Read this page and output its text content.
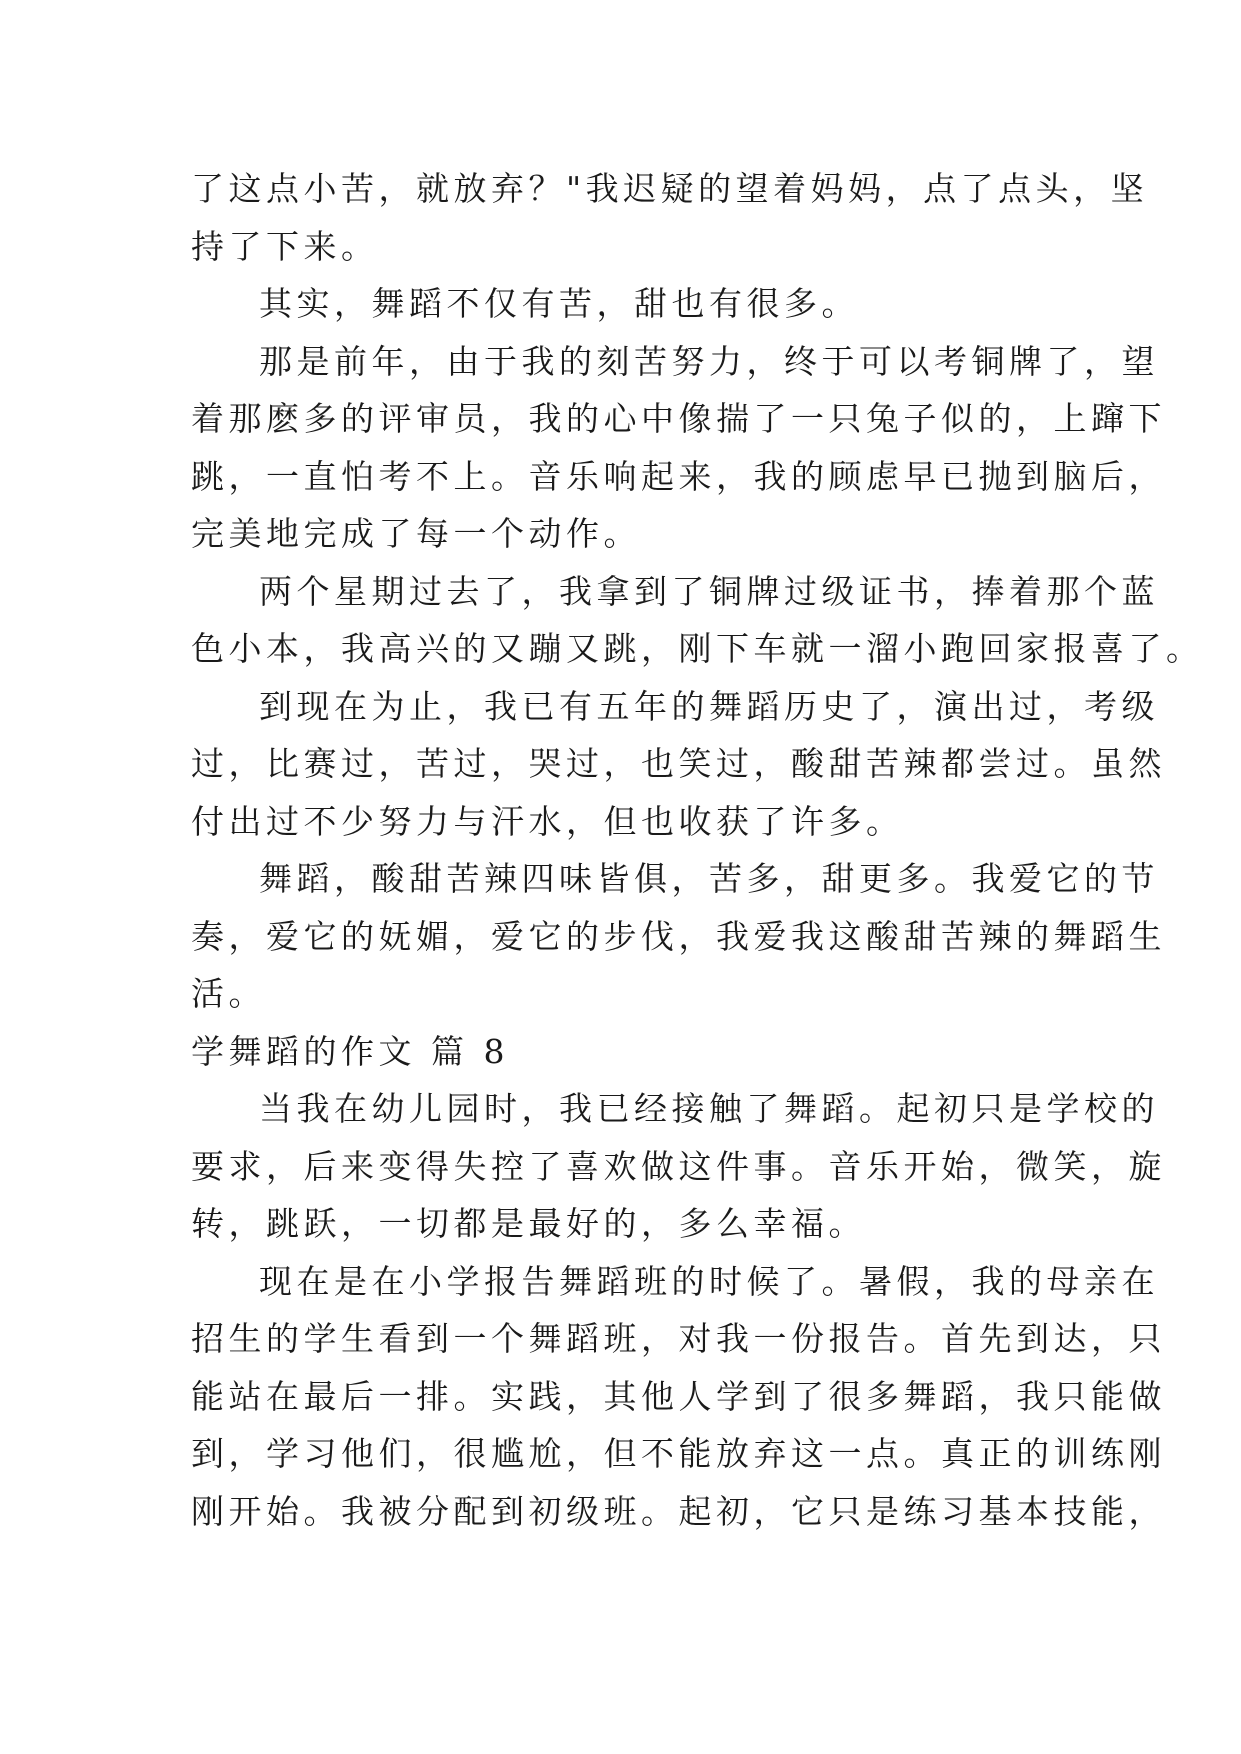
了这点小苦，就放弃？"我迟疑的望着妈妈，点了点头，坚
持了下来。
其实，舞蹈不仅有苦，甜也有很多。
那是前年，由于我的刻苦努力，终于可以考铜牌了，望
着那麽多的评审员，我的心中像揣了一只兔子似的，上蹿下
跳，一直怕考不上。音乐响起来，我的顾虑早已抛到脑后，
完美地完成了每一个动作。
两个星期过去了，我拿到了铜牌过级证书，捧着那个蓝
色小本，我高兴的又蹦又跳，刚下车就一溜小跑回家报喜了。
到现在为止，我已有五年的舞蹈历史了，演出过，考级
过，比赛过，苦过，哭过，也笑过，酸甜苦辣都尝过。虽然
付出过不少努力与汗水，但也收获了许多。
舞蹈，酸甜苦辣四味皆俱，苦多，甜更多。我爱它的节
奏，爱它的妩媚，爱它的步伐，我爱我这酸甜苦辣的舞蹈生
活。
学舞蹈的作文 篇 8
当我在幼儿园时，我已经接触了舞蹈。起初只是学校的
要求，后来变得失控了喜欢做这件事。音乐开始，微笑，旋
转，跳跃，一切都是最好的，多么幸福。
现在是在小学报告舞蹈班的时候了。暑假，我的母亲在
招生的学生看到一个舞蹈班，对我一份报告。首先到达，只
能站在最后一排。实践，其他人学到了很多舞蹈，我只能做
到，学习他们，很尴尬，但不能放弃这一点。真正的训练刚
刚开始。我被分配到初级班。起初，它只是练习基本技能，
